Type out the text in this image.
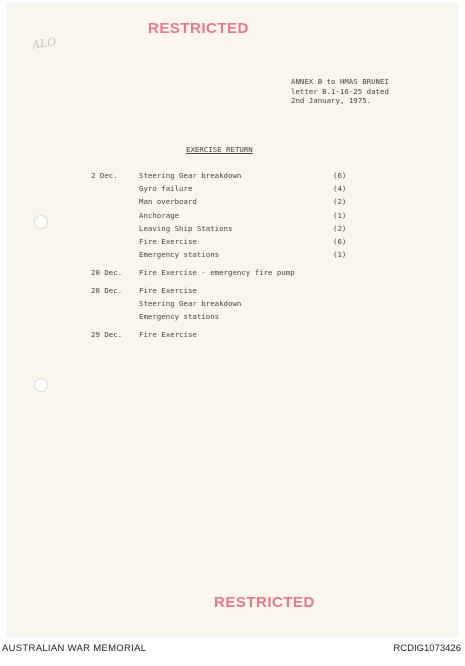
RESTRICTED
ALO
ANNEX B to HMAS BRUNEI
letter B.1-16-25 dated
2nd January, 1975.
EXERCISE RETURN
2 Dec.	Steering Gear breakdown	(6)
Gyro failure	(4)
Man overboard	(2)
Anchorage	(1)
Leaving Ship Stations	(2)
Fire Exercise	(6)
Emergency stations	(1)
20 Dec. Fire Exercise - emergency fire pump
28 Dec. Fire Exercise
Steering Gear breakdown
Emergency stations
29 Dec. Fire Exercise
RESTRICTED
AUSTRALIAN WAR MEMORIAL	RCDIG1073426
